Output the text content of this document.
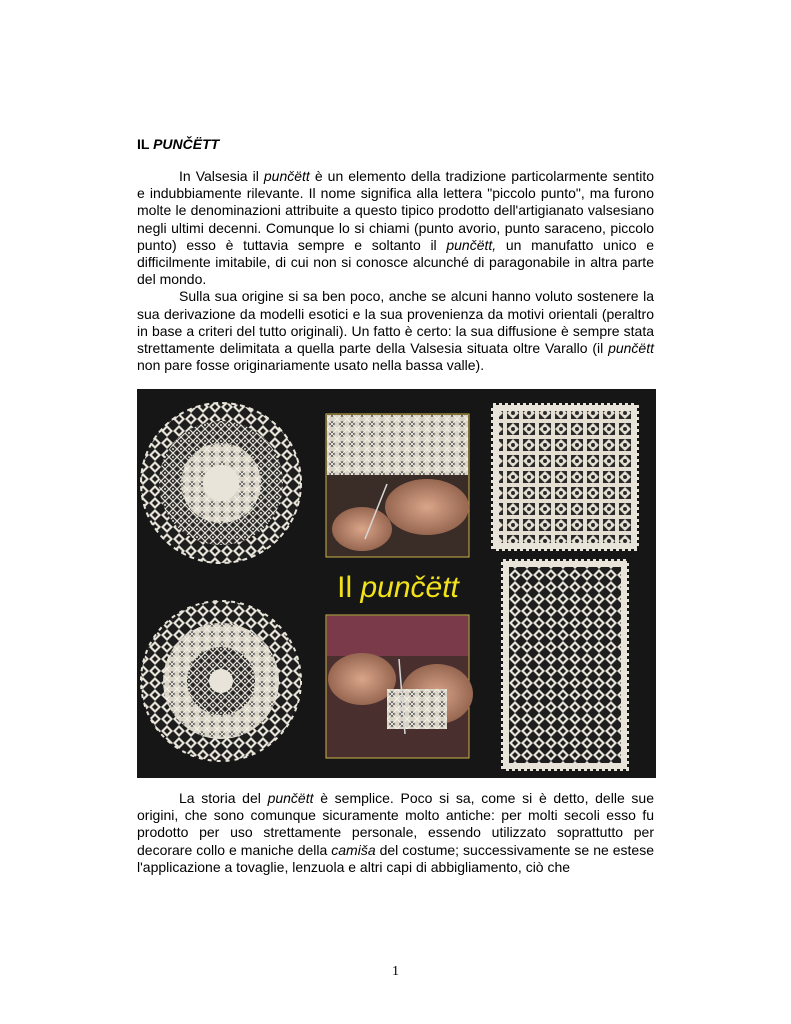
IL PUNČËTT

In Valsesia il punčëtt è un elemento della tradizione particolarmente sentito e indubbiamente rilevante. Il nome significa alla lettera "piccolo punto", ma furono molte le denominazioni attribuite a questo tipico prodotto dell'artigianato valsesiano negli ultimi decenni. Comunque lo si chiami (punto avorio, punto saraceno, piccolo punto) esso è tuttavia sempre e soltanto il punčëtt, un manufatto unico e difficilmente imitabile, di cui non si conosce alcunché di paragonabile in altra parte del mondo.

Sulla sua origine si sa ben poco, anche se alcuni hanno voluto sostenere la sua derivazione da modelli esotici e la sua provenienza da motivi orientali (peraltro in base a criteri del tutto originali). Un fatto è certo: la sua diffusione è sempre stata strettamente delimitata a quella parte della Valsesia situata oltre Varallo (il punčëtt non pare fosse originariamente usato nella bassa valle).

Il punčëtt

La storia del punčëtt è semplice. Poco si sa, come si è detto, delle sue origini, che sono comunque sicuramente molto antiche: per molti secoli esso fu prodotto per uso strettamente personale, essendo utilizzato soprattutto per decorare collo e maniche della camiša del costume; successivamente se ne estese l'applicazione a tovaglie, lenzuola e altri capi di abbigliamento, ciò che

1
